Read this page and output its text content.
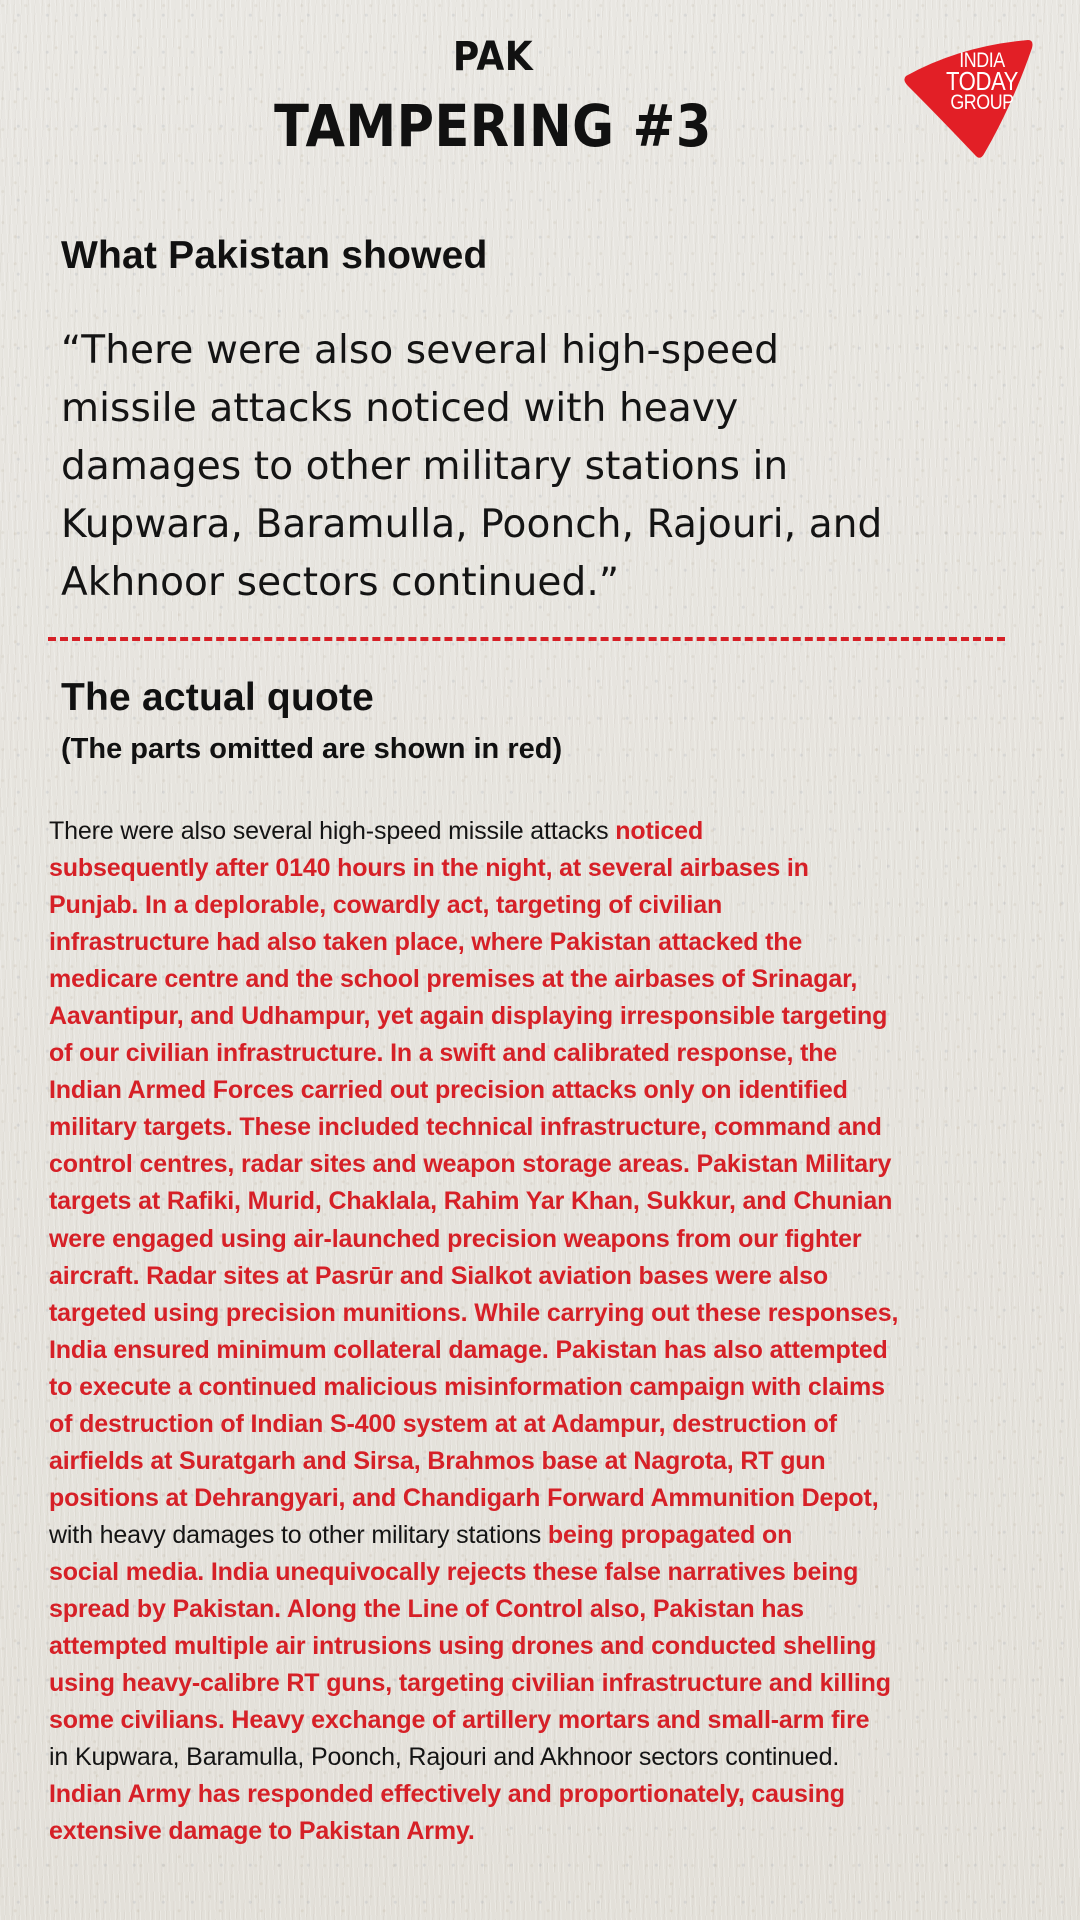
PAK
TAMPERING #3
INDIA
TODAY
GROUP
What Pakistan showed
“There were also several high-speed
missile attacks noticed with heavy
damages to other military stations in
Kupwara, Baramulla, Poonch, Rajouri, and
Akhnoor sectors continued.”
The actual quote
(The parts omitted are shown in red)
There were also several high-speed missile attacks noticed
subsequently after 0140 hours in the night, at several airbases in
Punjab. In a deplorable, cowardly act, targeting of civilian
infrastructure had also taken place, where Pakistan attacked the
medicare centre and the school premises at the airbases of Srinagar,
Aavantipur, and Udhampur, yet again displaying irresponsible targeting
of our civilian infrastructure. In a swift and calibrated response, the
Indian Armed Forces carried out precision attacks only on identified
military targets. These included technical infrastructure, command and
control centres, radar sites and weapon storage areas. Pakistan Military
targets at Rafiki, Murid, Chaklala, Rahim Yar Khan, Sukkur, and Chunian
were engaged using air-launched precision weapons from our fighter
aircraft. Radar sites at Pasrūr and Sialkot aviation bases were also
targeted using precision munitions. While carrying out these responses,
India ensured minimum collateral damage. Pakistan has also attempted
to execute a continued malicious misinformation campaign with claims
of destruction of Indian S-400 system at at Adampur, destruction of
airfields at Suratgarh and Sirsa, Brahmos base at Nagrota, RT gun
positions at Dehrangyari, and Chandigarh Forward Ammunition Depot,
with heavy damages to other military stations being propagated on
social media. India unequivocally rejects these false narratives being
spread by Pakistan. Along the Line of Control also, Pakistan has
attempted multiple air intrusions using drones and conducted shelling
using heavy-calibre RT guns, targeting civilian infrastructure and killing
some civilians. Heavy exchange of artillery mortars and small-arm fire
in Kupwara, Baramulla, Poonch, Rajouri and Akhnoor sectors continued.
Indian Army has responded effectively and proportionately, causing
extensive damage to Pakistan Army.
